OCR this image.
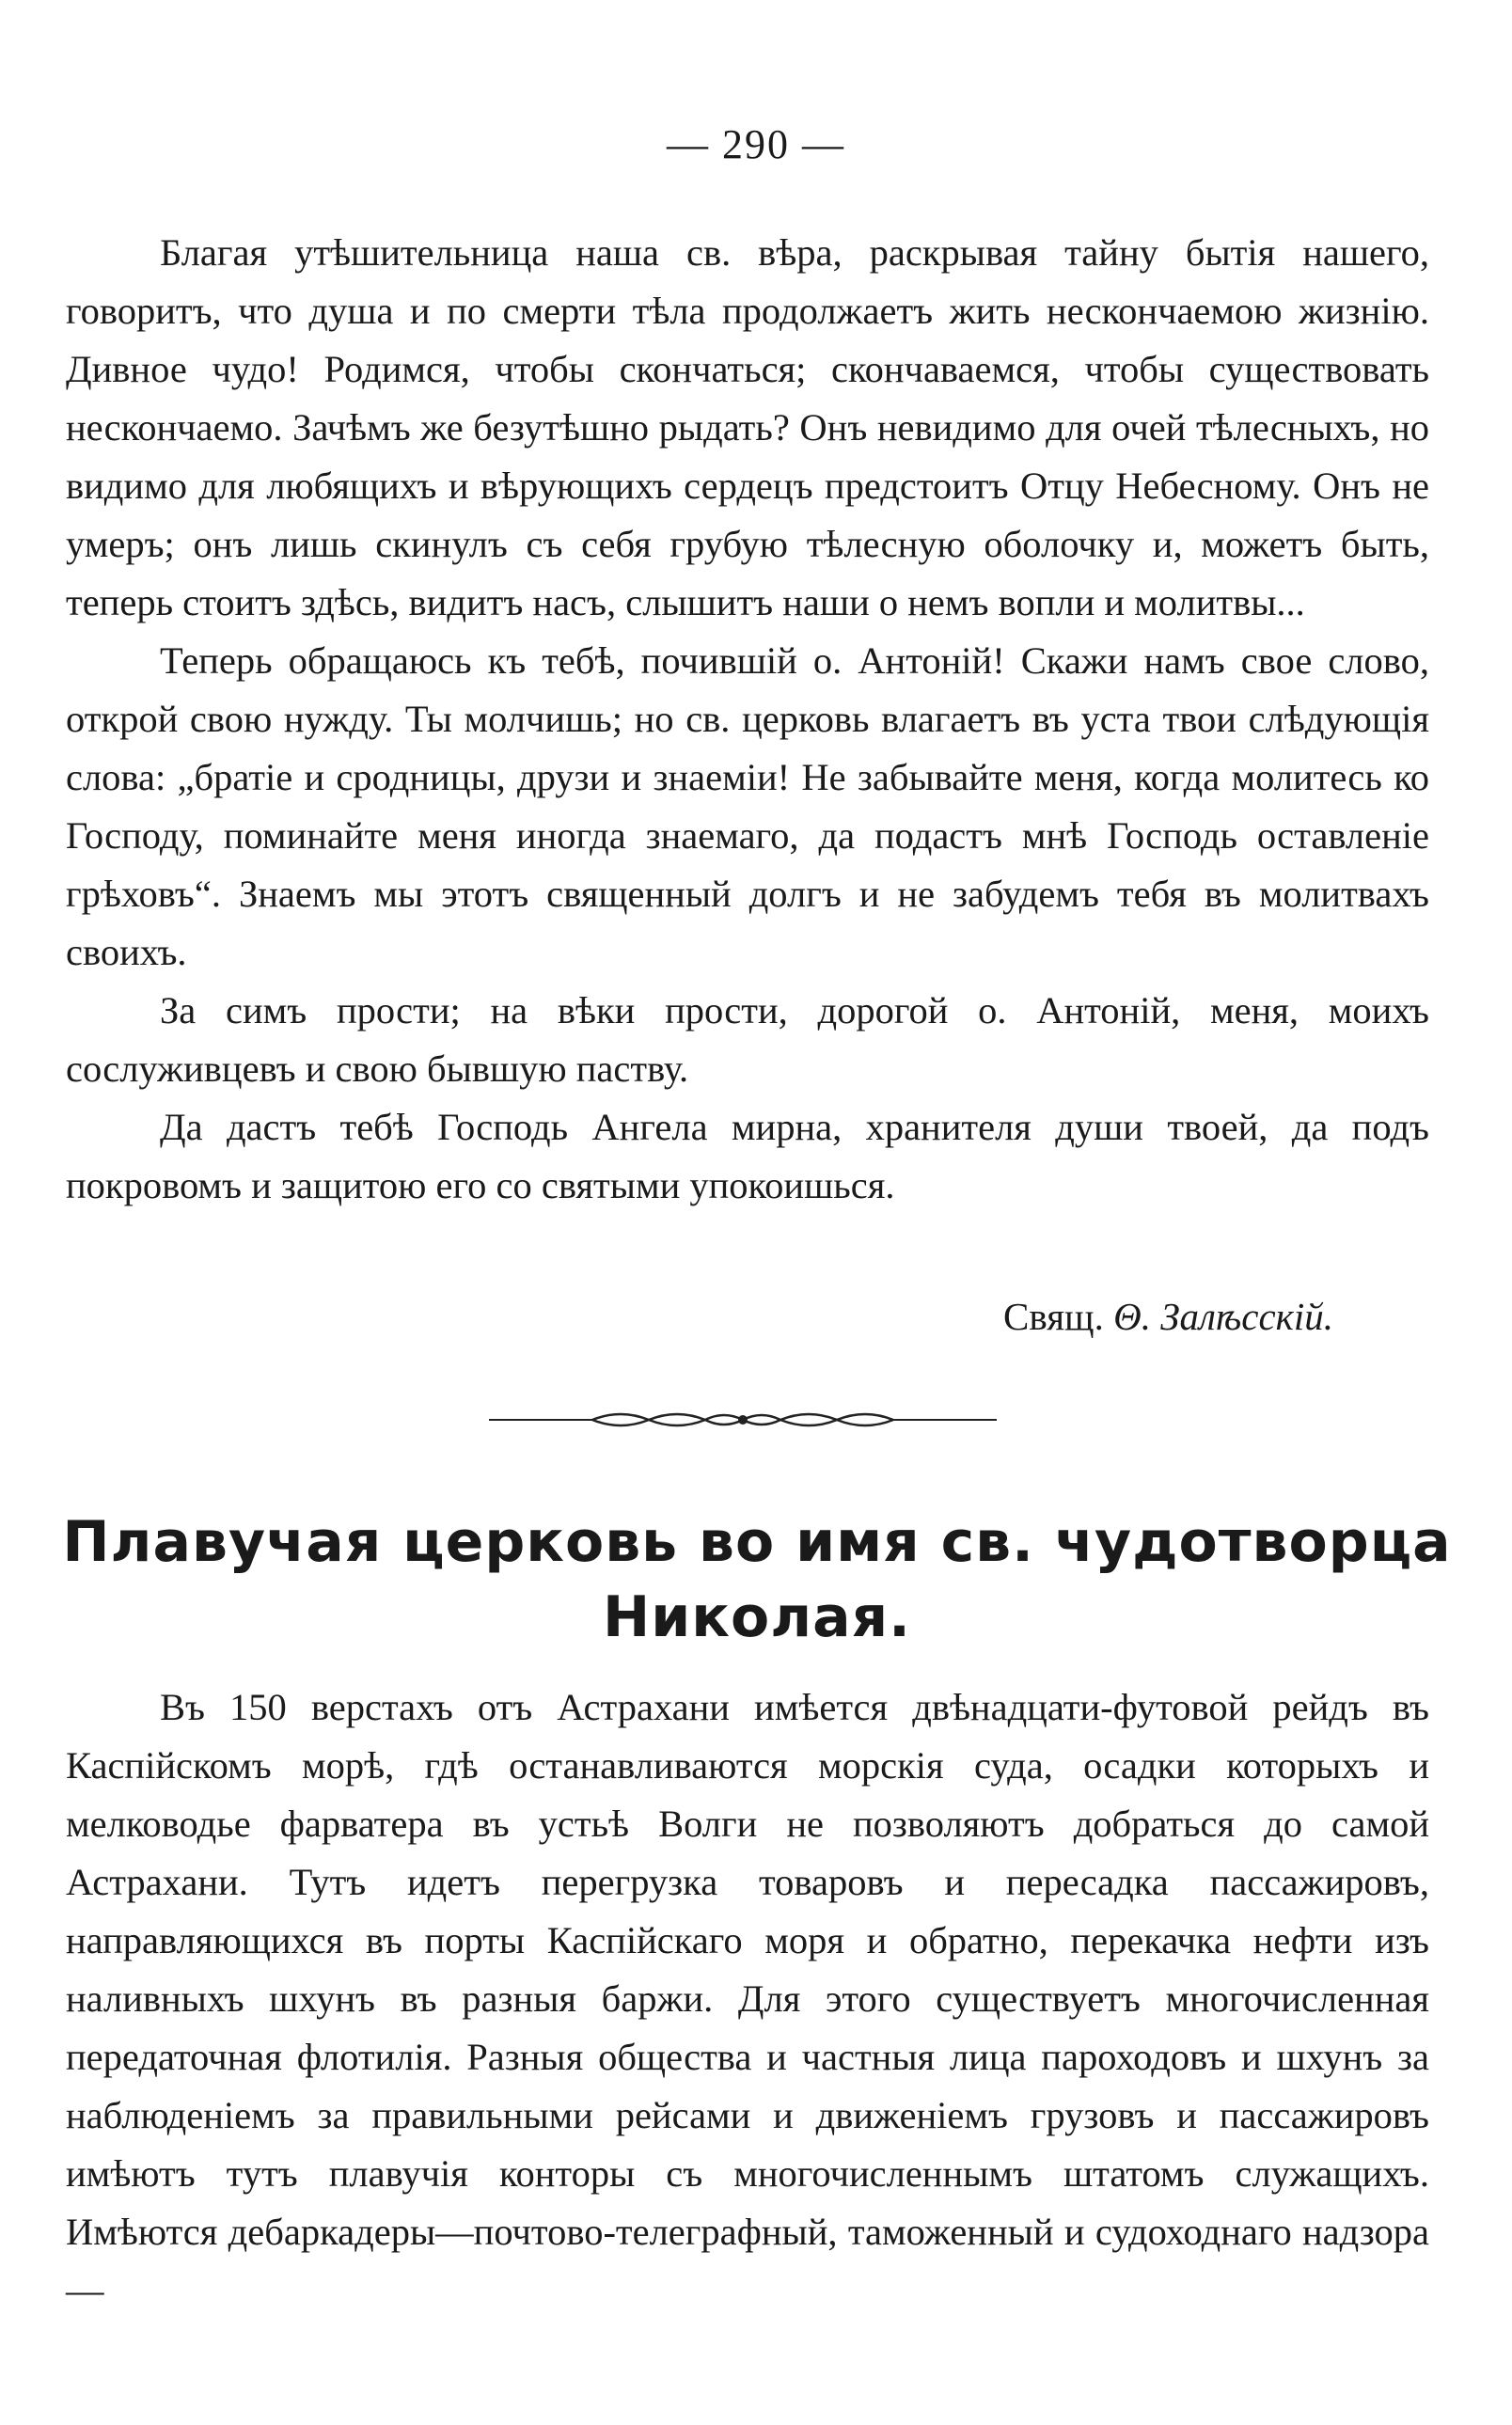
— 290 —

Благая утѣшительница наша св. вѣра, раскрывая тайну бытія нашего, говоритъ, что душа и по смерти тѣла продолжаетъ жить нескончаемою жизнію. Дивное чудо! Родимся, чтобы скончаться; скончаваемся, чтобы существовать нескончаемо. Зачѣмъ же безутѣшно рыдать? Онъ невидимо для очей тѣлесныхъ, но видимо для любящихъ и вѣрующихъ сердецъ предстоитъ Отцу Небесному. Онъ не умеръ; онъ лишь скинулъ съ себя грубую тѣлесную оболочку и, можетъ быть, теперь стоитъ здѣсь, видитъ насъ, слышитъ наши о немъ вопли и молитвы...

Теперь обращаюсь къ тебѣ, почившій о. Антоній! Скажи намъ свое слово, открой свою нужду. Ты молчишь; но св. церковь влагаетъ въ уста твои слѣдующія слова: „братіе и сродницы, друзи и знаеміи! Не забывайте меня, когда молитесь ко Господу, поминайте меня иногда знаемаго, да подастъ мнѣ Господь оставленіе грѣховъ“. Знаемъ мы этотъ священный долгъ и не забудемъ тебя въ молитвахъ своихъ.

За симъ прости; на вѣки прости, дорогой о. Антоній, меня, моихъ сослуживцевъ и свою бывшую паству.

Да дастъ тебѣ Господь Ангела мирна, хранителя души твоей, да подъ покровомъ и защитою его со святыми упокоишься.

Свящ. Θ. Залѣсскій.
Плавучая церковь во имя св. чудотворца
Николая.

Въ 150 верстахъ отъ Астрахани имѣется двѣнадцати-футовой рейдъ въ Каспійскомъ морѣ, гдѣ останавливаются морскія суда, осадки которыхъ и мелководье фарватера въ устьѣ Волги не позволяютъ добраться до самой Астрахани. Тутъ идетъ перегрузка товаровъ и пересадка пассажировъ, направляющихся въ порты Каспійскаго моря и обратно, перекачка нефти изъ наливныхъ шхунъ въ разныя баржи. Для этого существуетъ многочисленная передаточная флотилія. Разныя общества и частныя лица пароходовъ и шхунъ за наблюденіемъ за правильными рейсами и движеніемъ грузовъ и пассажировъ имѣютъ тутъ плавучія конторы съ многочисленнымъ штатомъ служащихъ. Имѣются дебаркадеры—почтово-телеграфный, таможенный и судоходнаго надзора—
